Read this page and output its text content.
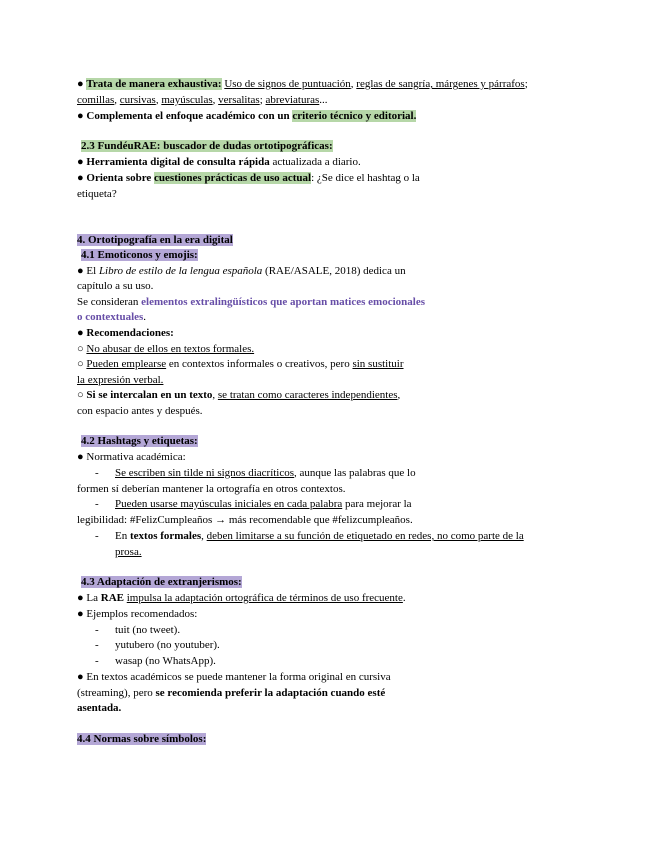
● Trata de manera exhaustiva: Uso de signos de puntuación, reglas de sangría, márgenes y párrafos;
comillas, cursivas, mayúsculas, versalitas; abreviaturas...
● Complementa el enfoque académico con un criterio técnico y editorial.
2.3 FundéuRAE: buscador de dudas ortotipográficas:
● Herramienta digital de consulta rápida actualizada a diario.
● Orienta sobre cuestiones prácticas de uso actual: ¿Se dice el hashtag o la
etiqueta?
4. Ortotipografía en la era digital
4.1 Emoticonos y emojis:
● El Libro de estilo de la lengua española (RAE/ASALE, 2018) dedica un
capítulo a su uso.
Se consideran elementos extralingüísticos que aportan matices emocionales
o contextuales.
● Recomendaciones:
○ No abusar de ellos en textos formales.
○ Pueden emplearse en contextos informales o creativos, pero sin sustituir
la expresión verbal.
○ Si se intercalan en un texto, se tratan como caracteres independientes,
con espacio antes y después.
4.2 Hashtags y etiquetas:
● Normativa académica:
- Se escriben sin tilde ni signos diacríticos, aunque las palabras que lo
formen sí deberían mantener la ortografía en otros contextos.
- Pueden usarse mayúsculas iniciales en cada palabra para mejorar la
legibilidad: #FelizCumpleaños → más recomendable que #felizcumpleaños.
- En textos formales, deben limitarse a su función de etiquetado en redes, no como parte de la
prosa.
4.3 Adaptación de extranjerismos:
● La RAE impulsa la adaptación ortográfica de términos de uso frecuente.
● Ejemplos recomendados:
- tuit (no tweet).
- yutubero (no youtuber).
- wasap (no WhatsApp).
● En textos académicos se puede mantener la forma original en cursiva
(streaming), pero se recomienda preferir la adaptación cuando esté
asentada.
4.4 Normas sobre símbolos:
